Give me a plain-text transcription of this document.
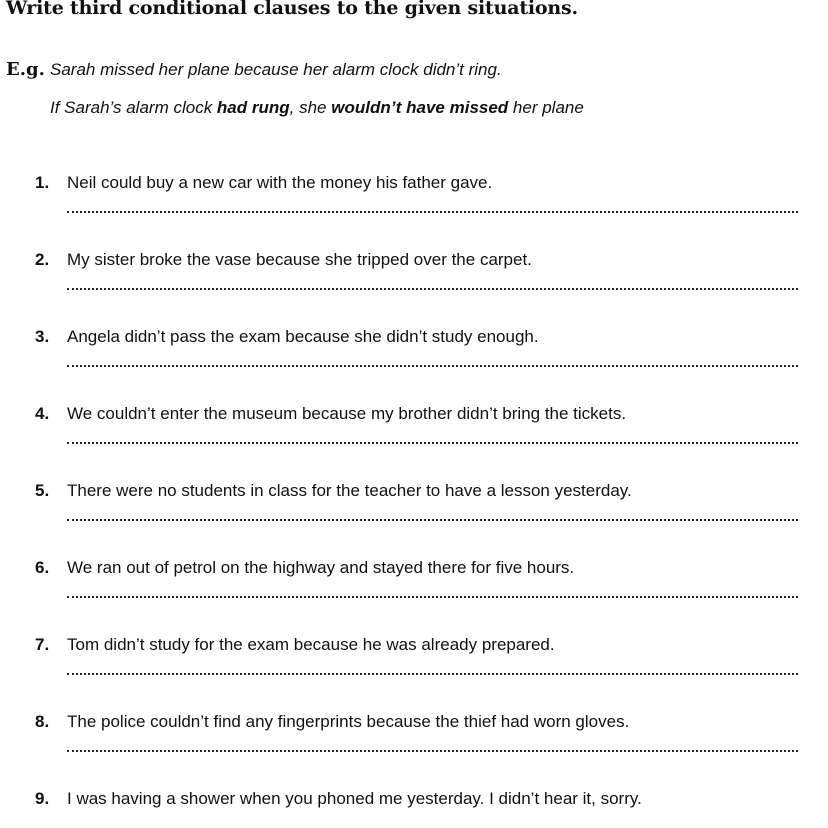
Write third conditional clauses to the given situations.
E.g. Sarah missed her plane because her alarm clock didn’t ring.
If Sarah’s alarm clock had rung, she wouldn’t have missed her plane
1. Neil could buy a new car with the money his father gave.
2. My sister broke the vase because she tripped over the carpet.
3. Angela didn’t pass the exam because she didn’t study enough.
4. We couldn’t enter the museum because my brother didn’t bring the tickets.
5. There were no students in class for the teacher to have a lesson yesterday.
6. We ran out of petrol on the highway and stayed there for five hours.
7. Tom didn’t study for the exam because he was already prepared.
8. The police couldn’t find any fingerprints because the thief had worn gloves.
9. I was having a shower when you phoned me yesterday. I didn’t hear it, sorry.
